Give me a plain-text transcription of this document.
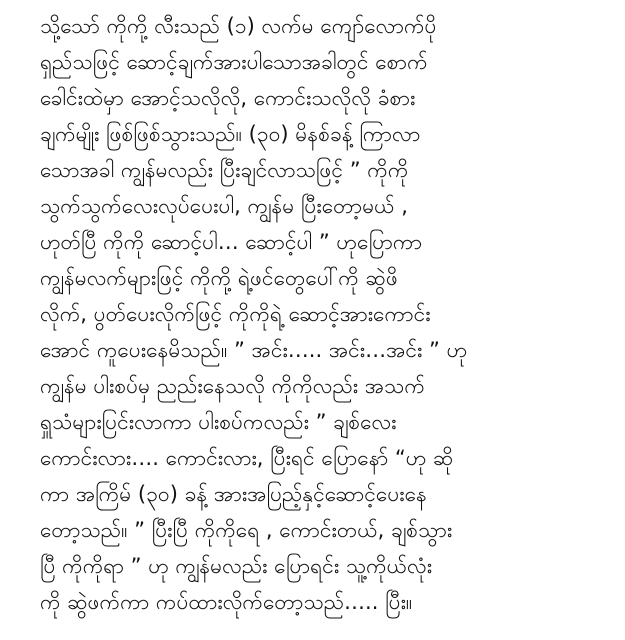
သို့သော် ကိုကို့ လီးသည် (၁) လက်မ ကျော်လောက်ပို
ရှည်သဖြင့် ဆောင့်ချက်အားပါသောအခါတွင် စောက်
ခေါင်းထဲမှာ အောင့်သလိုလို, ကောင်းသလိုလို ခံစား
ချက်မျိုး ဖြစ်ဖြစ်သွားသည်။ (၃၀) မိနစ်ခန့် ကြာလာ
သောအခါ ကျွန်မလည်း ပြီးချင်လာသဖြင့် ” ကိုကို
သွက်သွက်လေးလုပ်ပေးပါ, ကျွန်မ ပြီးတော့မယ် ,
ဟုတ်ပြီ ကိုကို ဆောင့်ပါ… ဆောင့်ပါ ” ဟုပြောကာ
ကျွန်မလက်များဖြင့် ကိုကို့ ရဲ့ဖင်တွေပေါ်ကို ဆွဲဖိ
လိုက်, ပွတ်ပေးလိုက်ဖြင့် ကိုကိုရဲ့ ဆောင့်အားကောင်း
အောင် ကူပေးနေမိသည်။ ” အင်း….. အင်း…အင်း ” ဟု
ကျွန်မ ပါးစပ်မှ ညည်းနေသလို ကိုကိုလည်း အသက်
ရှူသံများပြင်းလာကာ ပါးစပ်ကလည်း ” ချစ်လေး
ကောင်းလား…. ကောင်းလား, ပြီးရင် ပြောနော် “ဟု ဆို
ကာ အကြိမ် (၃၀) ခန့် အားအပြည့်နှင့်ဆောင့်ပေးနေ
တော့သည်။ ” ပြီးပြီ ကိုကိုရေ , ကောင်းတယ်, ချစ်သွား
ပြီ ကိုကိုရာ ” ဟု ကျွန်မလည်း ပြောရင်း သူ့ကိုယ်လုံး
ကို ဆွဲဖက်ကာ ကပ်ထားလိုက်တော့သည်….. ပြီး။
